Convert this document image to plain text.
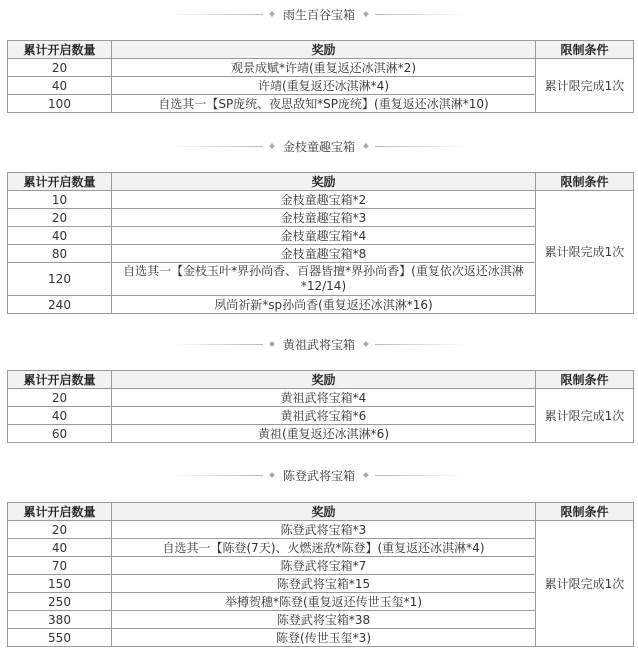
雨生百谷宝箱
累计开启数量	奖励	限制条件
20	观景成赋*许靖(重复返还冰淇淋*2)	累计限完成1次
40	许靖(重复返还冰淇淋*4)	
100	自选其一【SP庞统、夜思敌知*SP庞统】(重复返还冰淇淋*10)	
金枝童趣宝箱
累计开启数量	奖励	限制条件
10	金枝童趣宝箱*2	累计限完成1次
20	金枝童趣宝箱*3	
40	金枝童趣宝箱*4	
80	金枝童趣宝箱*8	
120	自选其一【金枝玉叶*界孙尚香、百器皆擅*界孙尚香】(重复依次返还冰淇淋*12/14)	
240	夙尚祈新*sp孙尚香(重复返还冰淇淋*16)	
黄祖武将宝箱
累计开启数量	奖励	限制条件
20	黄祖武将宝箱*4	累计限完成1次
40	黄祖武将宝箱*6	
60	黄祖(重复返还冰淇淋*6)	
陈登武将宝箱
累计开启数量	奖励	限制条件
20	陈登武将宝箱*3	累计限完成1次
40	自选其一【陈登(7天)、火燃迷敌*陈登】(重复返还冰淇淋*4)	
70	陈登武将宝箱*7	
150	陈登武将宝箱*15	
250	举樽贺穗*陈登(重复返还传世玉玺*1)	
380	陈登武将宝箱*38	
550	陈登(传世玉玺*3)	
